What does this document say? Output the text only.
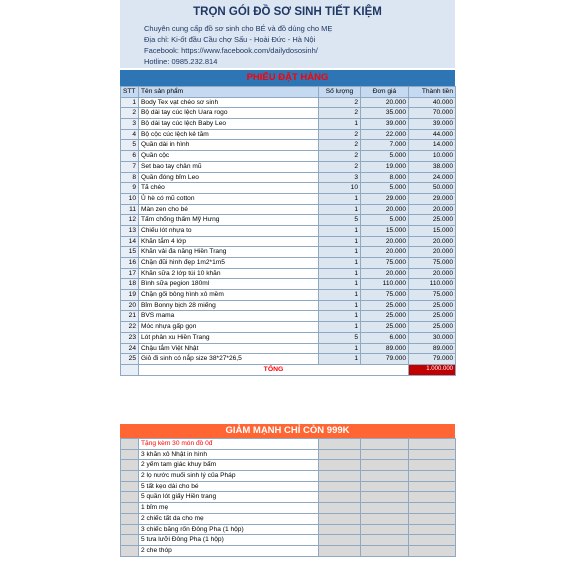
TRỌN GÓI ĐỒ SƠ SINH TIẾT KIỆM
Chuyên cung cấp đồ sơ sinh cho BÉ và đồ dùng cho MẸ
Địa chỉ: Ki-ốt đầu Cầu chợ Sấu - Hoài Đức - Hà Nội
Facebook: https://www.facebook.com/dailydososinh/
Hotline: 0985.232.814
PHIẾU ĐẶT HÀNG
STT	Tên sản phẩm	Số lượng	Đơn giá	Thành tiền
1	Body Tex vạt chéo sơ sinh	2	20.000	40.000
2	Bộ dài tay cúc lệch Uara rogo	2	35.000	70.000
3	Bộ dài tay cúc lệch Baby Leo	1	39.000	39.000
4	Bộ cộc cúc lệch kẻ tăm	2	22.000	44.000
5	Quần dài in hình	2	7.000	14.000
6	Quần cộc	2	5.000	10.000
7	Set bao tay chân mũ	2	19.000	38.000
8	Quần đóng bỉm Leo	3	8.000	24.000
9	Tã chéo	10	5.000	50.000
10	Ủ hè có mũ cotton	1	29.000	29.000
11	Màn zen cho bé	1	20.000	20.000
12	Tấm chống thấm Mỹ Hưng	5	5.000	25.000
13	Chiếu lót nhựa to	1	15.000	15.000
14	Khăn tắm 4 lớp	1	20.000	20.000
15	Khăn vải đa năng Hiền Trang	1	20.000	20.000
16	Chặn đũi hình đẹp 1m2*1m5	1	75.000	75.000
17	Khăn sữa 2 lớp túi 10 khăn	1	20.000	20.000
18	Bình sữa pegion 180ml	1	110.000	110.000
19	Chặn gối bông hình xô mềm	1	75.000	75.000
20	Bỉm Bonny bịch 28 miếng	1	25.000	25.000
21	BVS mama	1	25.000	25.000
22	Móc nhựa gấp gọn	1	25.000	25.000
23	Lót phân xu Hiền Trang	5	6.000	30.000
24	Chậu tắm Việt Nhật	1	89.000	89.000
25	Giỏ đi sinh có nắp size 38*27*26,5	1	79.000	79.000
	TỔNG			1.000.000
GIẢM MẠNH CHỈ CÒN 999K
	Tặng kèm 30 món đồ 0đ			
	3 khăn xô Nhật in hình			
	2 yếm tam giác khuy bấm			
	2 lọ nước muối sinh lý của Pháp			
	5 tất kẹo dài cho bé			
	5 quần lót giấy Hiền trang			
	1 bỉm mẹ			
	2 chiếc tất da cho mẹ			
	3 chiếc băng rốn Đông Pha (1 hộp)			
	5 tưa lưỡi Đông Pha (1 hộp)			
	2 che thóp			
